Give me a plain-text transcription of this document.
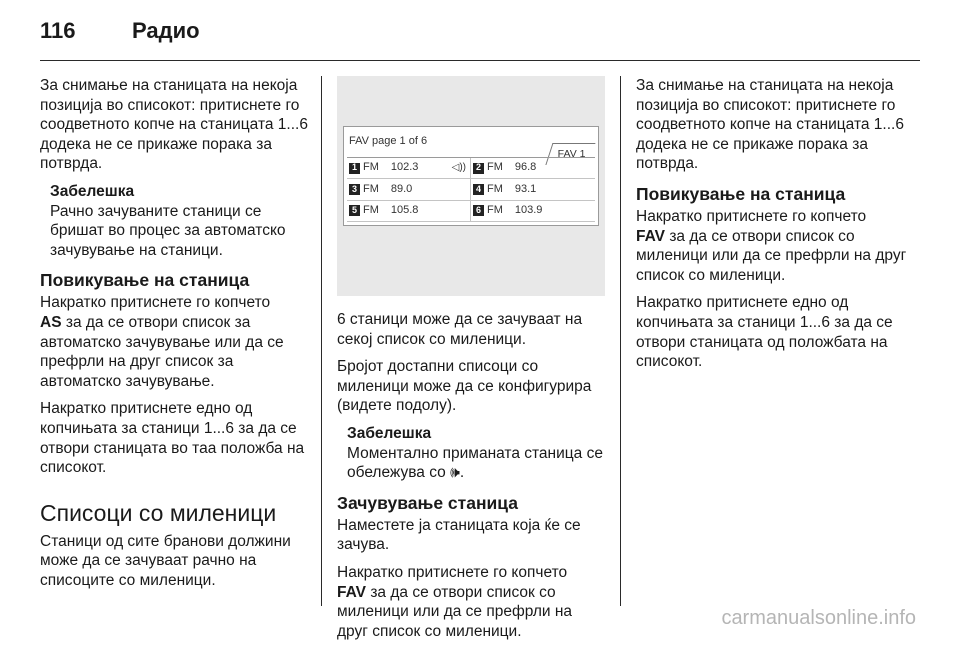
116	Радио

За снимање на станицата на некоја позиција во списокот: притиснете го соодветното копче на станицата 1...6 додека не се прикаже порака за потврда.

Забелешка
Рачно зачуваните станици се бришат во процес за автоматско зачувување на станици.
Повикување на станица

Накратко притиснете го копчето
AS за да се отвори список за автоматско зачувување или да се префрли на друг список за автоматско зачувување.

Накратко притиснете едно од копчињата за станици 1...6 за да се отвори станицата во таа положба на списокот.

Списоци со миленици

Станици од сите бранови должини може да се зачуваат рачно на списоците со миленици.

FAV page 1 of 6
FAV 1
1 FM 102.3	◁))	2 FM 96.8
3 FM 89.0	4 FM 93.1
5 FM 105.8	6 FM 103.9

6 станици може да се зачуваат на секој список со миленици.

Бројот достапни списоци со миленици може да се конфигурира (видете подолу).

Забелешка
Моментално примaната станица се обележува со 🕪.
Зачувување станица

Наместете ја станицата која ќе се зачува.

Накратко притиснете го копчето
FAV за да се отвори список со миленици или да се префрли на друг список со миленици.

За снимање на станицата на некоја позиција во списокот: притиснете го соодветното копче на станицата 1...6 додека не се прикаже порака за потврда.

Повикување на станица

Накратко притиснете го копчето
FAV за да се отвори список со миленици или да се префрли на друг список со миленици.

Накратко притиснете едно од копчињата за станици 1...6 за да се отвори станицата од положбата на списокот.

carmanualsonline.info
